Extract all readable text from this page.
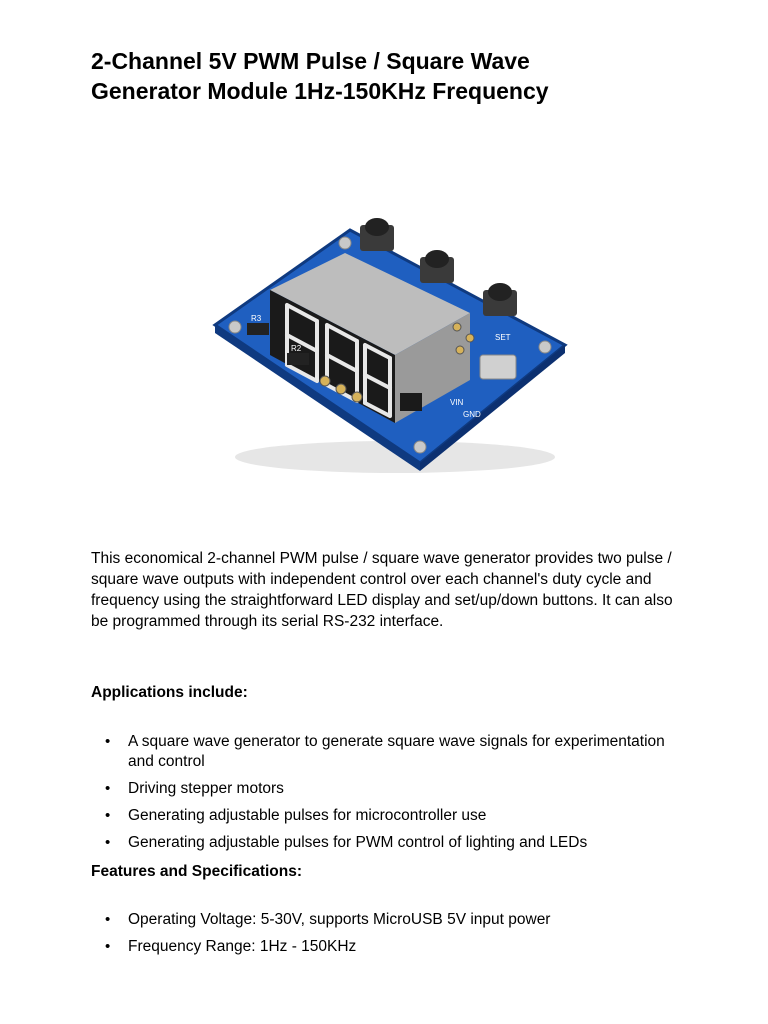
2-Channel 5V PWM Pulse / Square Wave
Generator Module 1Hz-150KHz Frequency
R3
R2
SET
VIN
GND

This economical 2-channel PWM pulse / square wave generator provides two pulse / square wave outputs with independent control over each channel's duty cycle and frequency using the straightforward LED display and set/up/down buttons. It can also be programmed through its serial RS-232 interface.

Applications include:
• A square wave generator to generate square wave signals for experimentation and control
• Driving stepper motors
• Generating adjustable pulses for microcontroller use
• Generating adjustable pulses for PWM control of lighting and LEDs
Features and Specifications:
• Operating Voltage: 5-30V, supports MicroUSB 5V input power
• Frequency Range: 1Hz - 150KHz
